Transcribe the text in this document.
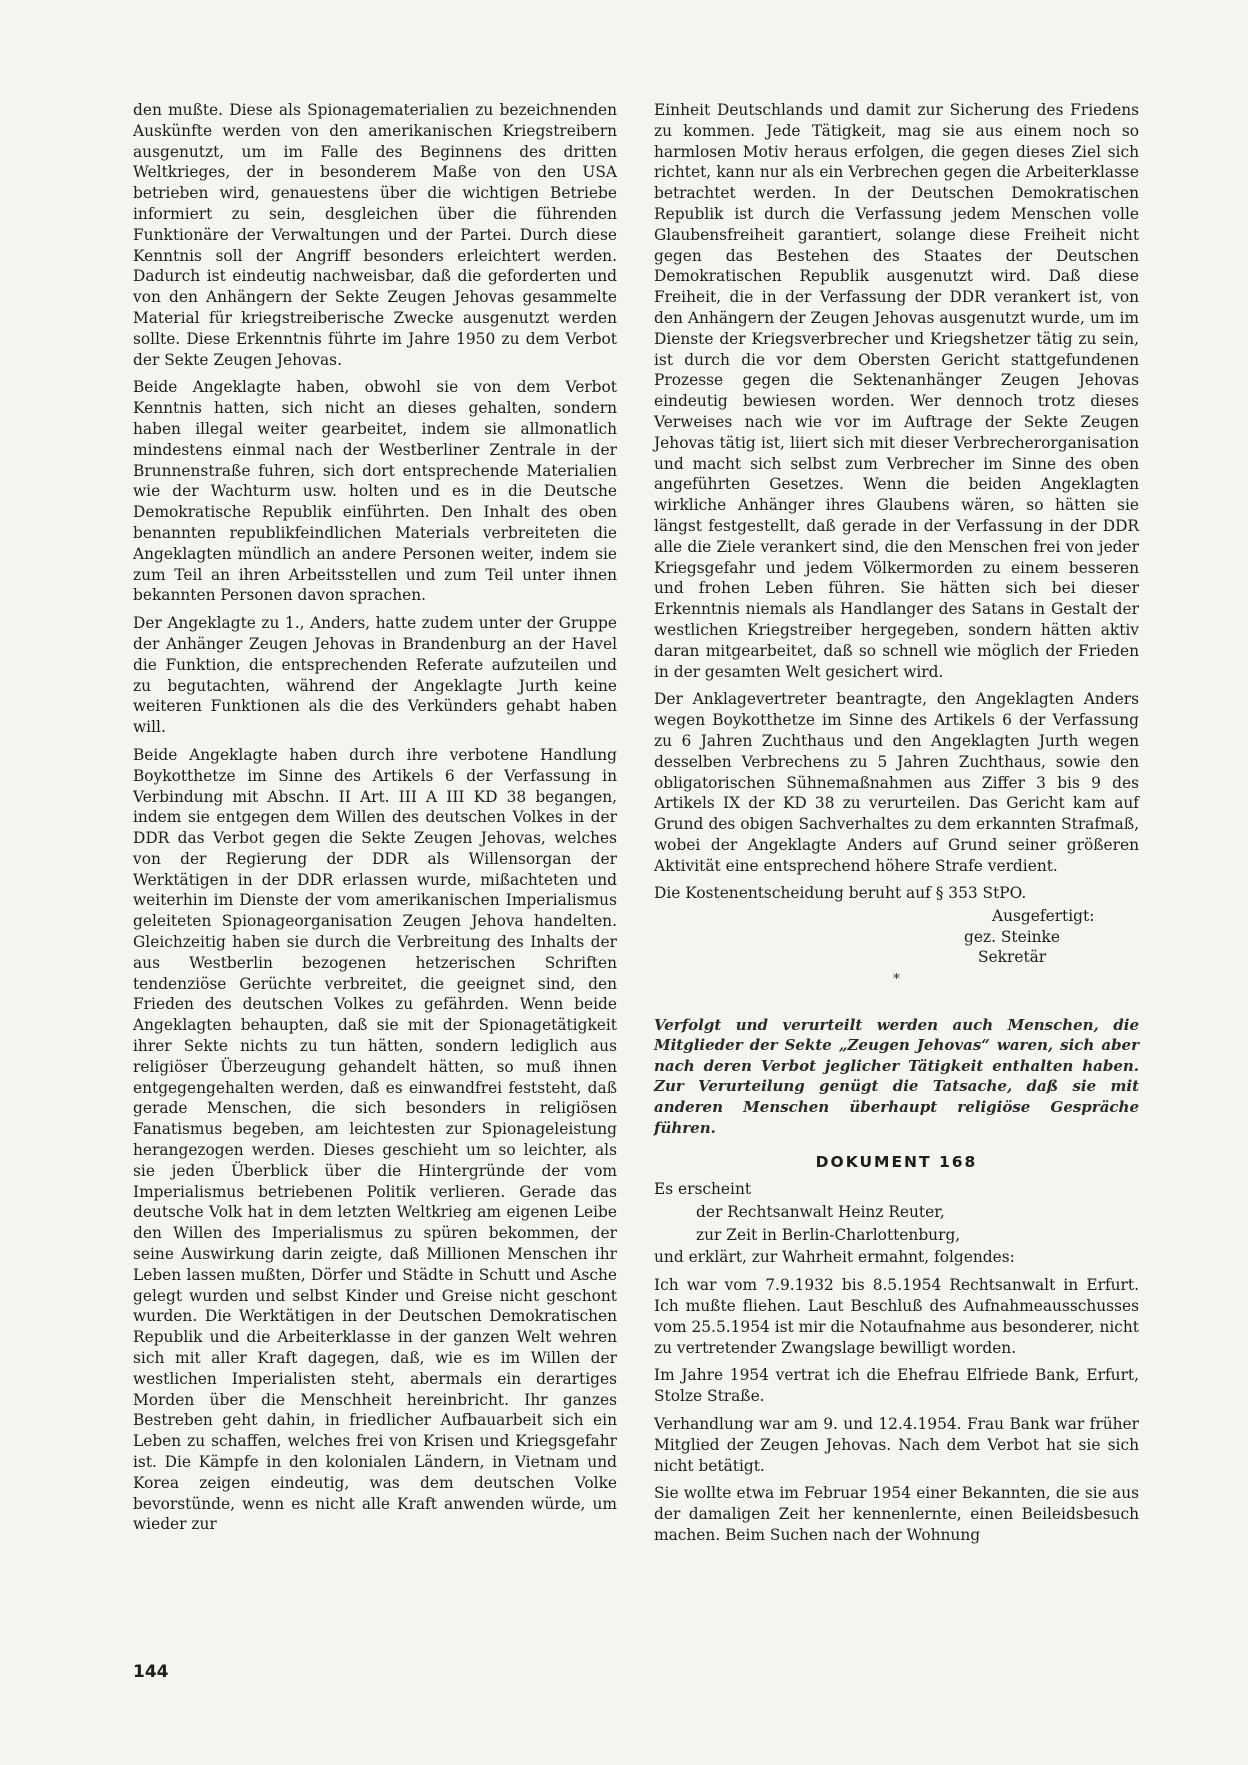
den mußte. Diese als Spionagematerialien zu bezeichnenden Auskünfte werden von den amerikanischen Kriegstreibern ausgenutzt, um im Falle des Beginnens des dritten Weltkrieges, der in besonderem Maße von den USA betrieben wird, genauestens über die wichtigen Betriebe informiert zu sein, desgleichen über die führenden Funktionäre der Verwaltungen und der Partei. Durch diese Kenntnis soll der Angriff besonders erleichtert werden. Dadurch ist eindeutig nachweisbar, daß die geforderten und von den Anhängern der Sekte Zeugen Jehovas gesammelte Material für kriegstreiberische Zwecke ausgenutzt werden sollte. Diese Erkenntnis führte im Jahre 1950 zu dem Verbot der Sekte Zeugen Jehovas.

Beide Angeklagte haben, obwohl sie von dem Verbot Kenntnis hatten, sich nicht an dieses gehalten, sondern haben illegal weiter gearbeitet, indem sie allmonatlich mindestens einmal nach der Westberliner Zentrale in der Brunnenstraße fuhren, sich dort entsprechende Materialien wie der Wachturm usw. holten und es in die Deutsche Demokratische Republik einführten. Den Inhalt des oben benannten republikfeindlichen Materials verbreiteten die Angeklagten mündlich an andere Personen weiter, indem sie zum Teil an ihren Arbeitsstellen und zum Teil unter ihnen bekannten Personen davon sprachen.

Der Angeklagte zu 1., Anders, hatte zudem unter der Gruppe der Anhänger Zeugen Jehovas in Brandenburg an der Havel die Funktion, die entsprechenden Referate aufzuteilen und zu begutachten, während der Angeklagte Jurth keine weiteren Funktionen als die des Verkünders gehabt haben will.

Beide Angeklagte haben durch ihre verbotene Handlung Boykotthetze im Sinne des Artikels 6 der Verfassung in Verbindung mit Abschn. II Art. III A III KD 38 begangen, indem sie entgegen dem Willen des deutschen Volkes in der DDR das Verbot gegen die Sekte Zeugen Jehovas, welches von der Regierung der DDR als Willensorgan der Werktätigen in der DDR erlassen wurde, mißachteten und weiterhin im Dienste der vom amerikanischen Imperialismus geleiteten Spionageorganisation Zeugen Jehova handelten. Gleichzeitig haben sie durch die Verbreitung des Inhalts der aus Westberlin bezogenen hetzerischen Schriften tendenziöse Gerüchte verbreitet, die geeignet sind, den Frieden des deutschen Volkes zu gefährden. Wenn beide Angeklagten behaupten, daß sie mit der Spionagetätigkeit ihrer Sekte nichts zu tun hätten, sondern lediglich aus religiöser Überzeugung gehandelt hätten, so muß ihnen entgegengehalten werden, daß es einwandfrei feststeht, daß gerade Menschen, die sich besonders in religiösen Fanatismus begeben, am leichtesten zur Spionageleistung herangezogen werden. Dieses geschieht um so leichter, als sie jeden Überblick über die Hintergründe der vom Imperialismus betriebenen Politik verlieren. Gerade das deutsche Volk hat in dem letzten Weltkrieg am eigenen Leibe den Willen des Imperialismus zu spüren bekommen, der seine Auswirkung darin zeigte, daß Millionen Menschen ihr Leben lassen mußten, Dörfer und Städte in Schutt und Asche gelegt wurden und selbst Kinder und Greise nicht geschont wurden. Die Werktätigen in der Deutschen Demokratischen Republik und die Arbeiterklasse in der ganzen Welt wehren sich mit aller Kraft dagegen, daß, wie es im Willen der westlichen Imperialisten steht, abermals ein derartiges Morden über die Menschheit hereinbricht. Ihr ganzes Bestreben geht dahin, in friedlicher Aufbauarbeit sich ein Leben zu schaffen, welches frei von Krisen und Kriegsgefahr ist. Die Kämpfe in den kolonialen Ländern, in Vietnam und Korea zeigen eindeutig, was dem deutschen Volke bevorstünde, wenn es nicht alle Kraft anwenden würde, um wieder zur

Einheit Deutschlands und damit zur Sicherung des Friedens zu kommen. Jede Tätigkeit, mag sie aus einem noch so harmlosen Motiv heraus erfolgen, die gegen dieses Ziel sich richtet, kann nur als ein Verbrechen gegen die Arbeiterklasse betrachtet werden. In der Deutschen Demokratischen Republik ist durch die Verfassung jedem Menschen volle Glaubensfreiheit garantiert, solange diese Freiheit nicht gegen das Bestehen des Staates der Deutschen Demokratischen Republik ausgenutzt wird. Daß diese Freiheit, die in der Verfassung der DDR verankert ist, von den Anhängern der Zeugen Jehovas ausgenutzt wurde, um im Dienste der Kriegsverbrecher und Kriegshetzer tätig zu sein, ist durch die vor dem Obersten Gericht stattgefundenen Prozesse gegen die Sektenanhänger Zeugen Jehovas eindeutig bewiesen worden. Wer dennoch trotz dieses Verweises nach wie vor im Auftrage der Sekte Zeugen Jehovas tätig ist, liiert sich mit dieser Verbrecherorganisation und macht sich selbst zum Verbrecher im Sinne des oben angeführten Gesetzes. Wenn die beiden Angeklagten wirkliche Anhänger ihres Glaubens wären, so hätten sie längst festgestellt, daß gerade in der Verfassung in der DDR alle die Ziele verankert sind, die den Menschen frei von jeder Kriegsgefahr und jedem Völkermorden zu einem besseren und frohen Leben führen. Sie hätten sich bei dieser Erkenntnis niemals als Handlanger des Satans in Gestalt der westlichen Kriegstreiber hergegeben, sondern hätten aktiv daran mitgearbeitet, daß so schnell wie möglich der Frieden in der gesamten Welt gesichert wird.

Der Anklagevertreter beantragte, den Angeklagten Anders wegen Boykotthetze im Sinne des Artikels 6 der Verfassung zu 6 Jahren Zuchthaus und den Angeklagten Jurth wegen desselben Verbrechens zu 5 Jahren Zuchthaus, sowie den obligatorischen Sühnemaßnahmen aus Ziffer 3 bis 9 des Artikels IX der KD 38 zu verurteilen. Das Gericht kam auf Grund des obigen Sachverhaltes zu dem erkannten Strafmaß, wobei der Angeklagte Anders auf Grund seiner größeren Aktivität eine entsprechend höhere Strafe verdient.

Die Kostenentscheidung beruht auf § 353 StPO.

Ausgefertigt:

gez. Steinke

Sekretär

*

Verfolgt und verurteilt werden auch Menschen, die Mitglieder der Sekte „Zeugen Jehovas“ waren, sich aber nach deren Verbot jeglicher Tätigkeit enthalten haben. Zur Verurteilung genügt die Tatsache, daß sie mit anderen Menschen überhaupt religiöse Gespräche führen.

DOKUMENT 168

Es erscheint

der Rechtsanwalt Heinz Reuter,

zur Zeit in Berlin-Charlottenburg,

und erklärt, zur Wahrheit ermahnt, folgendes:

Ich war vom 7.9.1932 bis 8.5.1954 Rechtsanwalt in Erfurt. Ich mußte fliehen. Laut Beschluß des Aufnahmeausschusses vom 25.5.1954 ist mir die Notaufnahme aus besonderer, nicht zu vertretender Zwangslage bewilligt worden.

Im Jahre 1954 vertrat ich die Ehefrau Elfriede Bank, Erfurt, Stolze Straße.

Verhandlung war am 9. und 12.4.1954. Frau Bank war früher Mitglied der Zeugen Jehovas. Nach dem Verbot hat sie sich nicht betätigt.

Sie wollte etwa im Februar 1954 einer Bekannten, die sie aus der damaligen Zeit her kennenlernte, einen Beileidsbesuch machen. Beim Suchen nach der Wohnung

144
